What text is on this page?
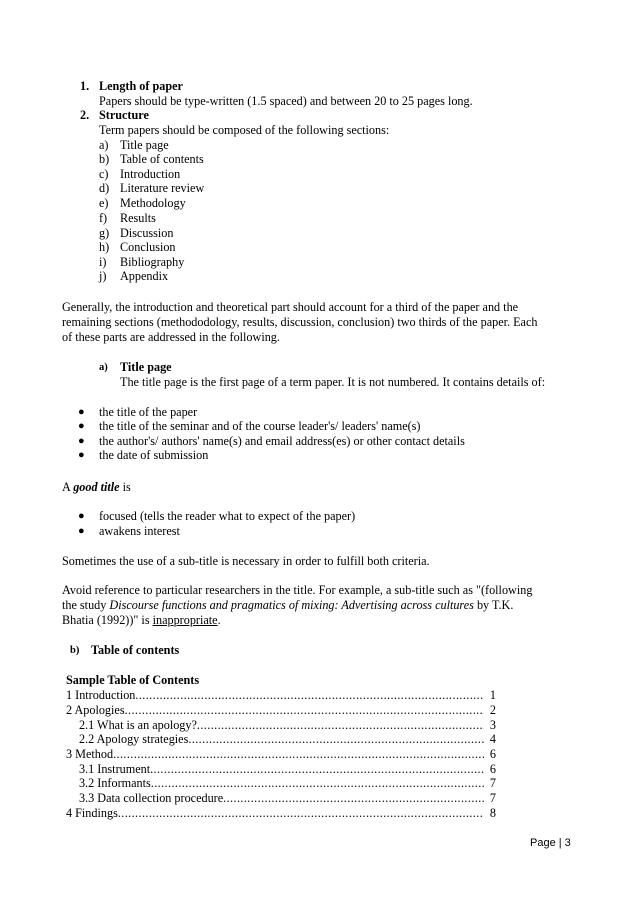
1. Length of paper
Papers should be type-written (1.5 spaced) and between 20 to 25 pages long.
2. Structure
Term papers should be composed of the following sections:
a) Title page
b) Table of contents
c) Introduction
d) Literature review
e) Methodology
f) Results
g) Discussion
h) Conclusion
i) Bibliography
j) Appendix
Generally, the introduction and theoretical part should account for a third of the paper and the
remaining sections (methododology, results, discussion, conclusion) two thirds of the paper. Each
of these parts are addressed in the following.
a) Title page
The title page is the first page of a term paper. It is not numbered. It contains details of:
● the title of the paper
● the title of the seminar and of the course leader's/ leaders' name(s)
● the author's/ authors' name(s) and email address(es) or other contact details
● the date of submission
A good title is
● focused (tells the reader what to expect of the paper)
● awakens interest
Sometimes the use of a sub-title is necessary in order to fulfill both criteria.
Avoid reference to particular researchers in the title. For example, a sub-title such as "(following
the study Discourse functions and pragmatics of mixing: Advertising across cultures by T.K.
Bhatia (1992))" is inappropriate.
b) Table of contents
Sample Table of Contents
1 Introduction .....	1
2 Apologies .....	2
2.1 What is an apology? .....	3
2.2 Apology strategies .....	4
3 Method .....	6
3.1 Instrument .....	6
3.2 Informants .....	7
3.3 Data collection procedure .....	7
4 Findings .....	8
Page | 3
